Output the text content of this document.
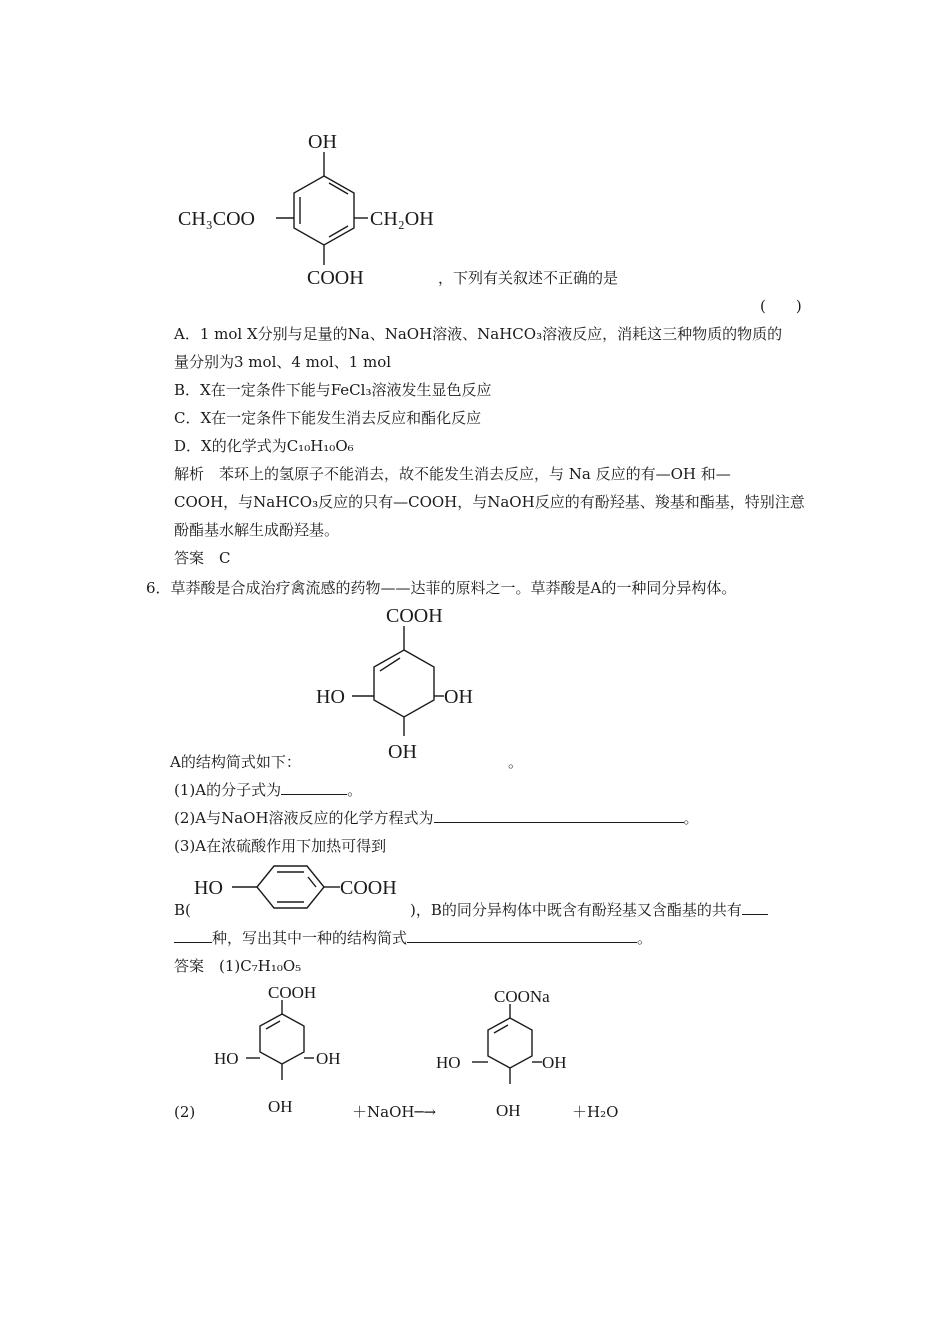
OH
CH₃COO	CH₂OH
COOH	，下列有关叙述不正确的是
(　　)
A．1 mol X分别与足量的Na、NaOH溶液、NaHCO₃溶液反应，消耗这三种物质的物质的
量分别为3 mol、4 mol、1 mol
B．X在一定条件下能与FeCl₃溶液发生显色反应
C．X在一定条件下能发生消去反应和酯化反应
D．X的化学式为C₁₀H₁₀O₆
解析　苯环上的氢原子不能消去，故不能发生消去反应，与 Na 反应的有—OH 和—
COOH，与NaHCO₃反应的只有—COOH，与NaOH反应的有酚羟基、羧基和酯基，特别注意
酚酯基水解生成酚羟基。
答案　C
6．草莽酸是合成治疗禽流感的药物——达菲的原料之一。草莽酸是A的一种同分异构体。
COOH
HO	OH
OH
A的结构简式如下：	。
(1)A的分子式为	。
(2)A与NaOH溶液反应的化学方程式为	。
(3)A在浓硫酸作用下加热可得到
HO	COOH
B(	)，B的同分异构体中既含有酚羟基又含酯基的共有
种，写出其中一种的结构简式	。
答案　(1)C₇H₁₀O₅
COOH
HO	OH
OH
(2)	＋NaOH─→
COONa
HO	OH
OH	＋H₂O
